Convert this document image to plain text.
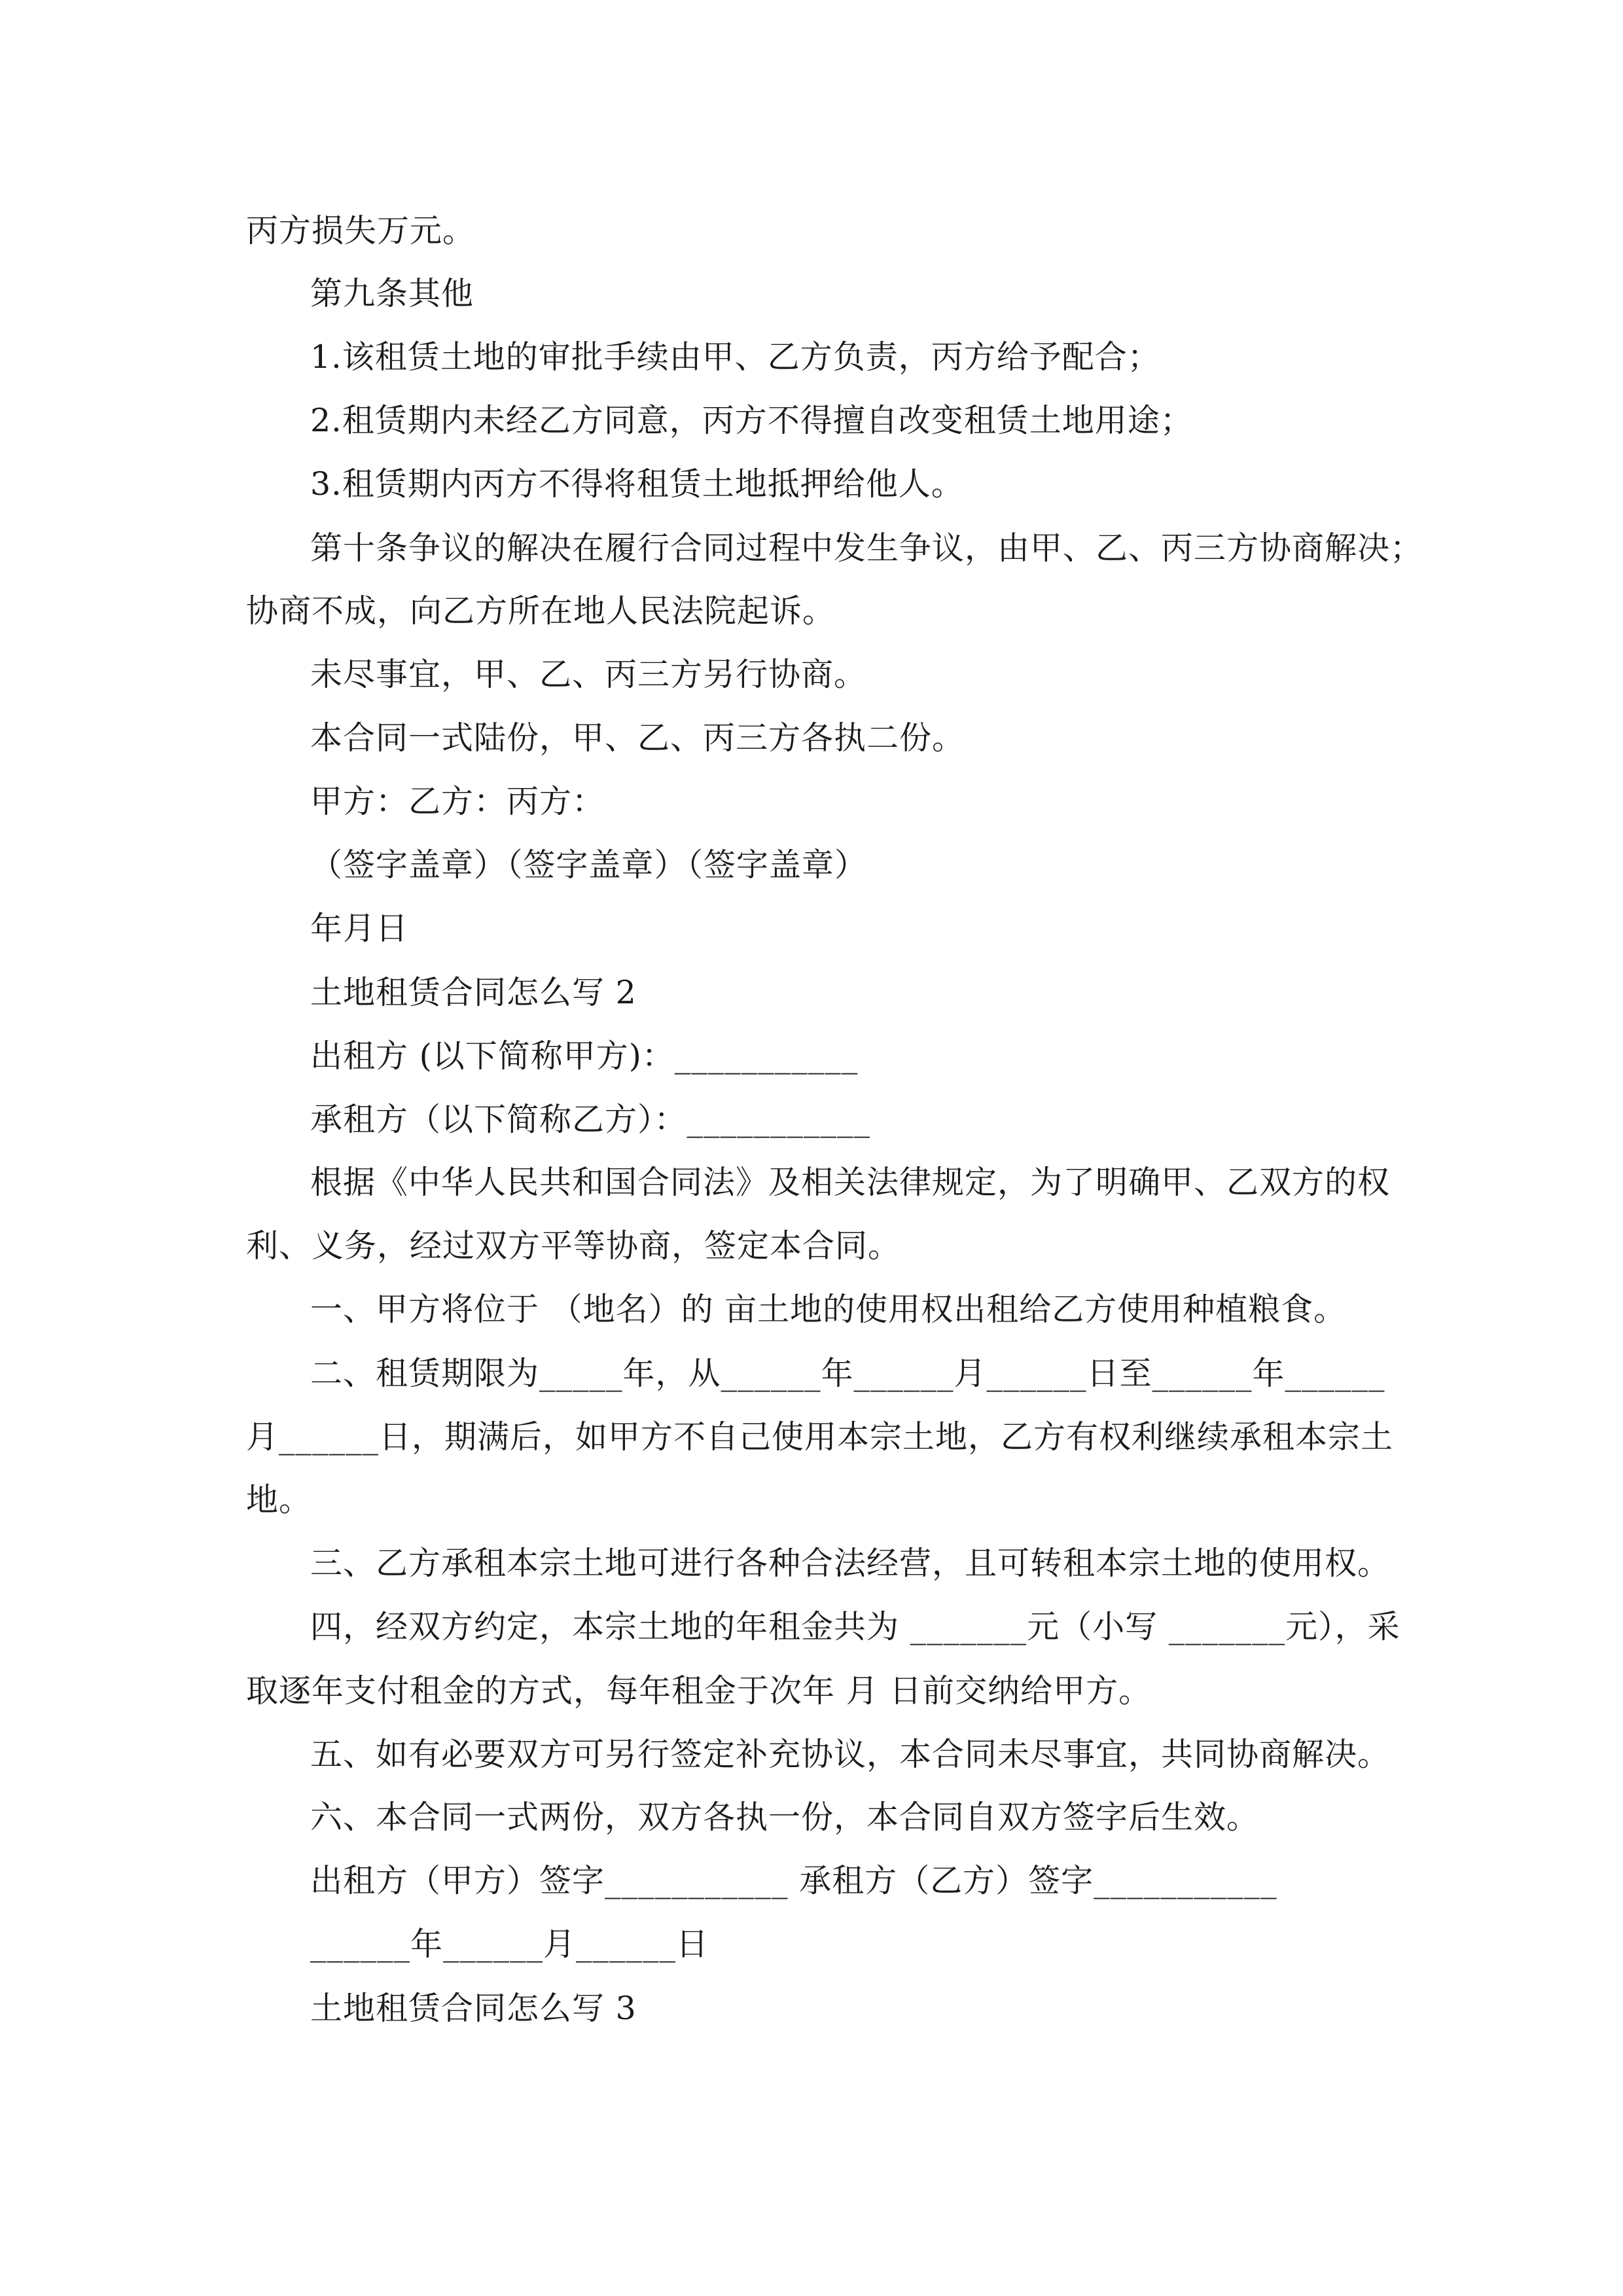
丙方损失万元。
第九条其他
1.该租赁土地的审批手续由甲、乙方负责，丙方给予配合；
2.租赁期内未经乙方同意，丙方不得擅自改变租赁土地用途；
3.租赁期内丙方不得将租赁土地抵押给他人。
第十条争议的解决在履行合同过程中发生争议，由甲、乙、丙三方协商解决；
协商不成，向乙方所在地人民法院起诉。
未尽事宜，甲、乙、丙三方另行协商。
本合同一式陆份，甲、乙、丙三方各执二份。
甲方：乙方：丙方：
（签字盖章）（签字盖章）（签字盖章）
年月日
土地租赁合同怎么写 2
出租方 (以下简称甲方)：___________
承租方（以下简称乙方）：___________
根据《中华人民共和国合同法》及相关法律规定，为了明确甲、乙双方的权
利、义务，经过双方平等协商，签定本合同。
一、甲方将位于 （地名）的 亩土地的使用权出租给乙方使用种植粮食。
二、租赁期限为_____年，从______年______月______日至______年______
月______日，期满后，如甲方不自己使用本宗土地，乙方有权利继续承租本宗土
地。
三、乙方承租本宗土地可进行各种合法经营，且可转租本宗土地的使用权。
四，经双方约定，本宗土地的年租金共为 _______元（小写 _______元），采
取逐年支付租金的方式，每年租金于次年 月 日前交纳给甲方。
五、如有必要双方可另行签定补充协议，本合同未尽事宜，共同协商解决。
六、本合同一式两份，双方各执一份，本合同自双方签字后生效。
出租方（甲方）签字___________ 承租方（乙方）签字___________
______年______月______日
土地租赁合同怎么写 3
